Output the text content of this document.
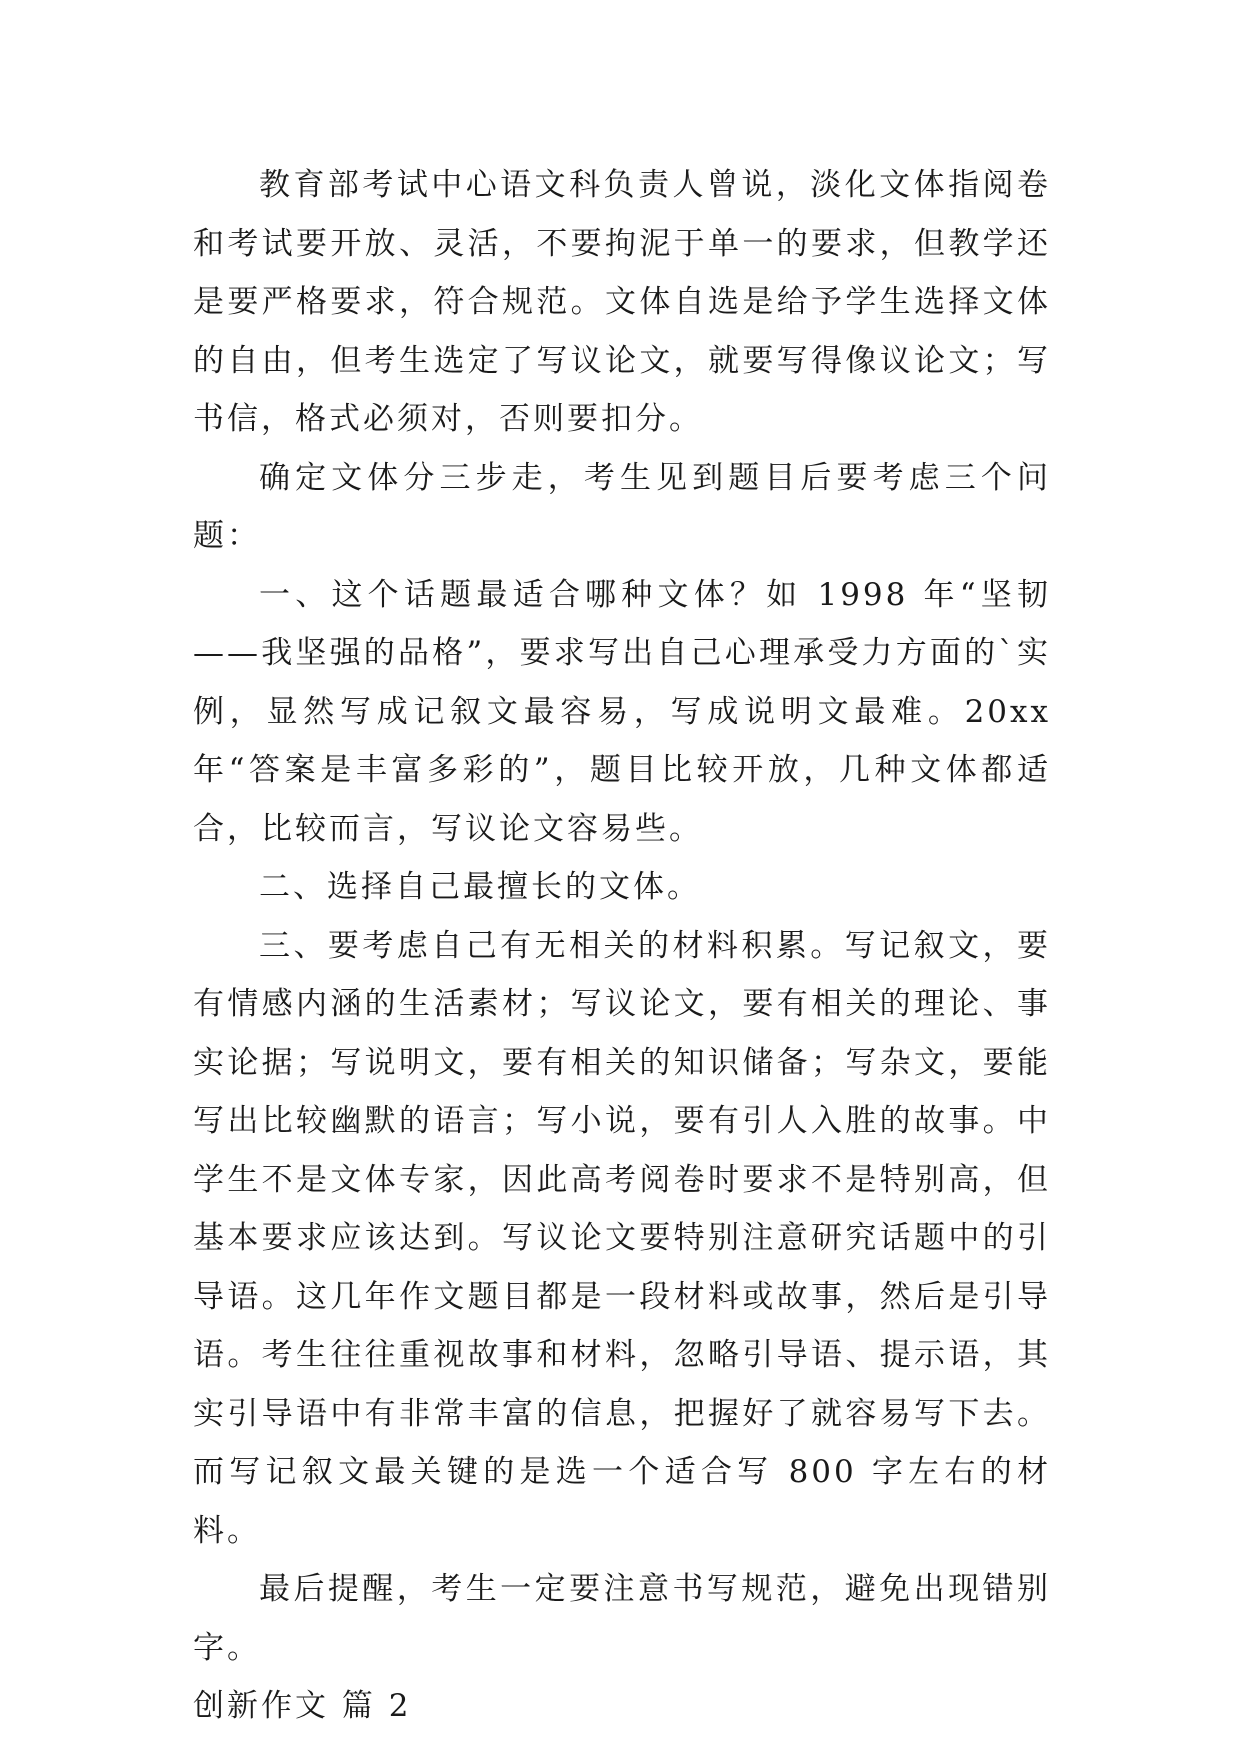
教育部考试中心语文科负责人曾说，淡化文体指阅卷和考试要开放、灵活，不要拘泥于单一的要求，但教学还是要严格要求，符合规范。文体自选是给予学生选择文体的自由，但考生选定了写议论文，就要写得像议论文；写书信，格式必须对，否则要扣分。

确定文体分三步走，考生见到题目后要考虑三个问题：

一、这个话题最适合哪种文体？如 1998 年“坚韧——我坚强的品格”，要求写出自己心理承受力方面的`实例，显然写成记叙文最容易，写成说明文最难。20xx 年“答案是丰富多彩的”，题目比较开放，几种文体都适合，比较而言，写议论文容易些。

二、选择自己最擅长的文体。

三、要考虑自己有无相关的材料积累。写记叙文，要有情感内涵的生活素材；写议论文，要有相关的理论、事实论据；写说明文，要有相关的知识储备；写杂文，要能写出比较幽默的语言；写小说，要有引人入胜的故事。中学生不是文体专家，因此高考阅卷时要求不是特别高，但基本要求应该达到。写议论文要特别注意研究话题中的引导语。这几年作文题目都是一段材料或故事，然后是引导语。考生往往重视故事和材料，忽略引导语、提示语，其实引导语中有非常丰富的信息，把握好了就容易写下去。而写记叙文最关键的是选一个适合写 800 字左右的材料。

最后提醒，考生一定要注意书写规范，避免出现错别字。

创新作文 篇 2
